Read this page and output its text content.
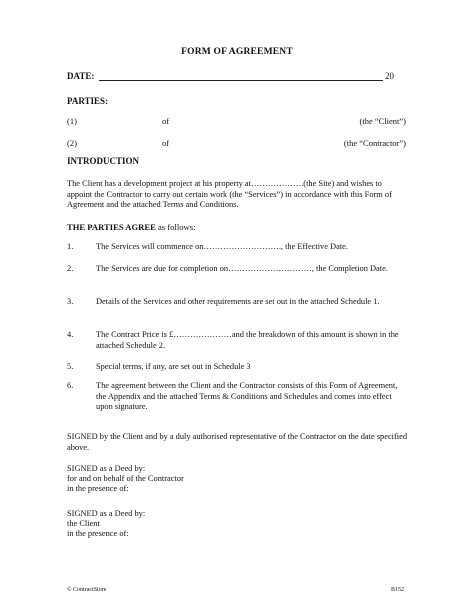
FORM OF AGREEMENT
DATE:	20
PARTIES:
(1)	of	(the “Client”)
(2)	of	(the “Contractor”)
INTRODUCTION
The Client has a development project at his property at……………….(the Site) and wishes to appoint the Contractor to carry out certain work (the “Services”) in accordance with this Form of Agreement and the attached Terms and Conditions.
THE PARTIES AGREE as follows:
1.	The Services will commence on………………………., the Effective Date.
2.	The Services are due for completion on…………………………, the Completion Date.
3.	Details of the Services and other requirements are set out in the attached Schedule 1.
4.	The Contract Price is £…………………and the breakdown of this amount is shown in the attached Schedule 2.
5.	Special terms, if any, are set out in Schedule 3
6.	The agreement between the Client and the Contractor consists of this Form of Agreement, the Appendix and the attached Terms & Conditions and Schedules and comes into effect upon signature.
SIGNED by the Client and by a duly authorised representative of the Contractor on the date specified above.
SIGNED as a Deed by:
for and on behalf of the Contractor
in the presence of:
SIGNED as a Deed by:
the Client
in the presence of:
© ContractStore	B152
